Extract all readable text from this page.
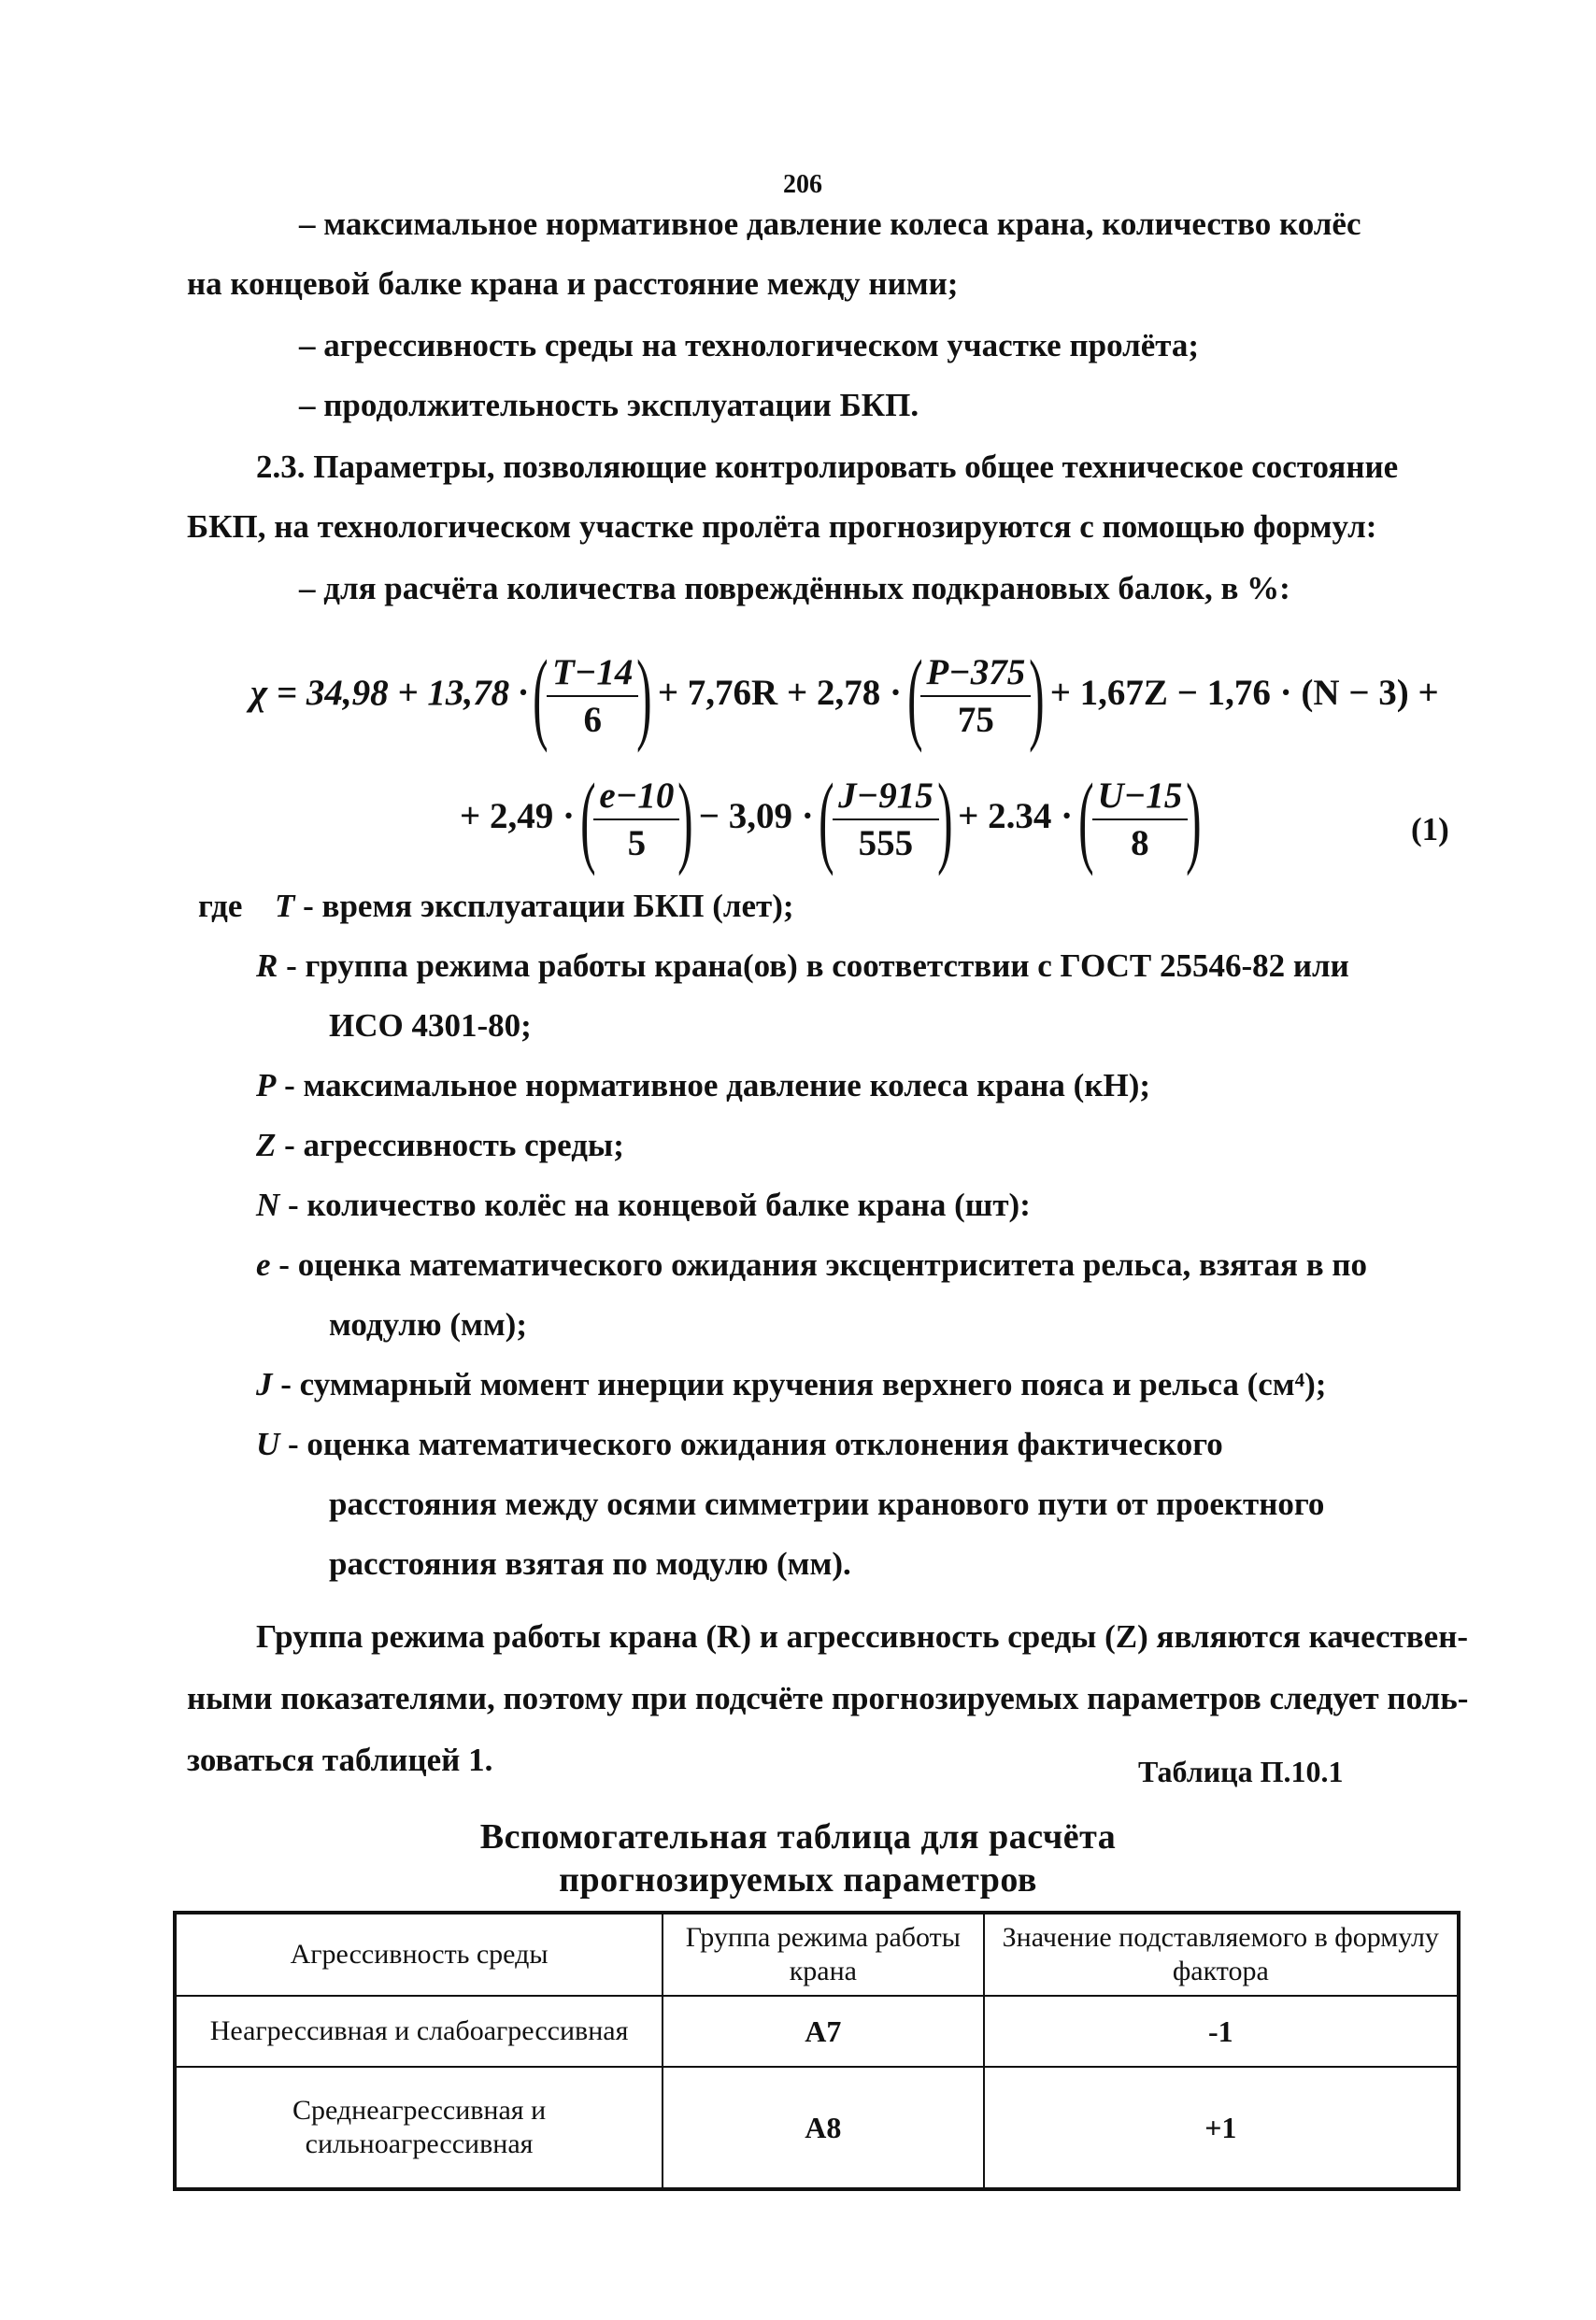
206
– максимальное нормативное давление колеса крана, количество колёс
на концевой балке крана и расстояние между ними;
– агрессивность среды на технологическом участке пролёта;
– продолжительность эксплуатации БКП.
2.3. Параметры, позволяющие контролировать общее техническое состояние
БКП, на технологическом участке пролёта прогнозируются с помощью формул:
– для расчёта количества повреждённых подкрановых балок, в %:
χ = 34,98 + 13,78 · (
$\frac{T-14}{6}$
) + 7,76R + 2,78 · (
$\frac{P-375}{75}$
) + 1,67Z − 1,76 · (N − 3) +
+ 2,49 · (
$\frac{e-10}{5}$
) − 3,09 · (
$\frac{J-915}{555}$
) + 2.34 · (
$\frac{U-15}{8}$
)	(1)
где T - время эксплуатации БКП (лет);
R - группа режима работы крана(ов) в соответствии с ГОСТ 25546-82 или
ИСО 4301-80;
P - максимальное нормативное давление колеса крана (кН);
Z - агрессивность среды;
N - количество колёс на концевой балке крана (шт):
e - оценка математического ожидания эксцентриситета рельса, взятая в по
модулю (мм);
J - суммарный момент инерции кручения верхнего пояса и рельса (см⁴);
U - оценка математического ожидания отклонения фактического
расстояния между осями симметрии кранового пути от проектного
расстояния взятая по модулю (мм).
Группа режима работы крана (R) и агрессивность среды (Z) являются качествен-
ными показателями, поэтому при подсчёте прогнозируемых параметров следует поль-
зоваться таблицей 1.	Таблица П.10.1
Вспомогательная таблица для расчёта
прогнозируемых параметров
Агрессивность среды	Группа режима работы крана	Значение подставляемого в формулу фактора
Неагрессивная и слабоагрессивная	А7	-1
Среднеагрессивная и сильноагрессивная	А8	+1
